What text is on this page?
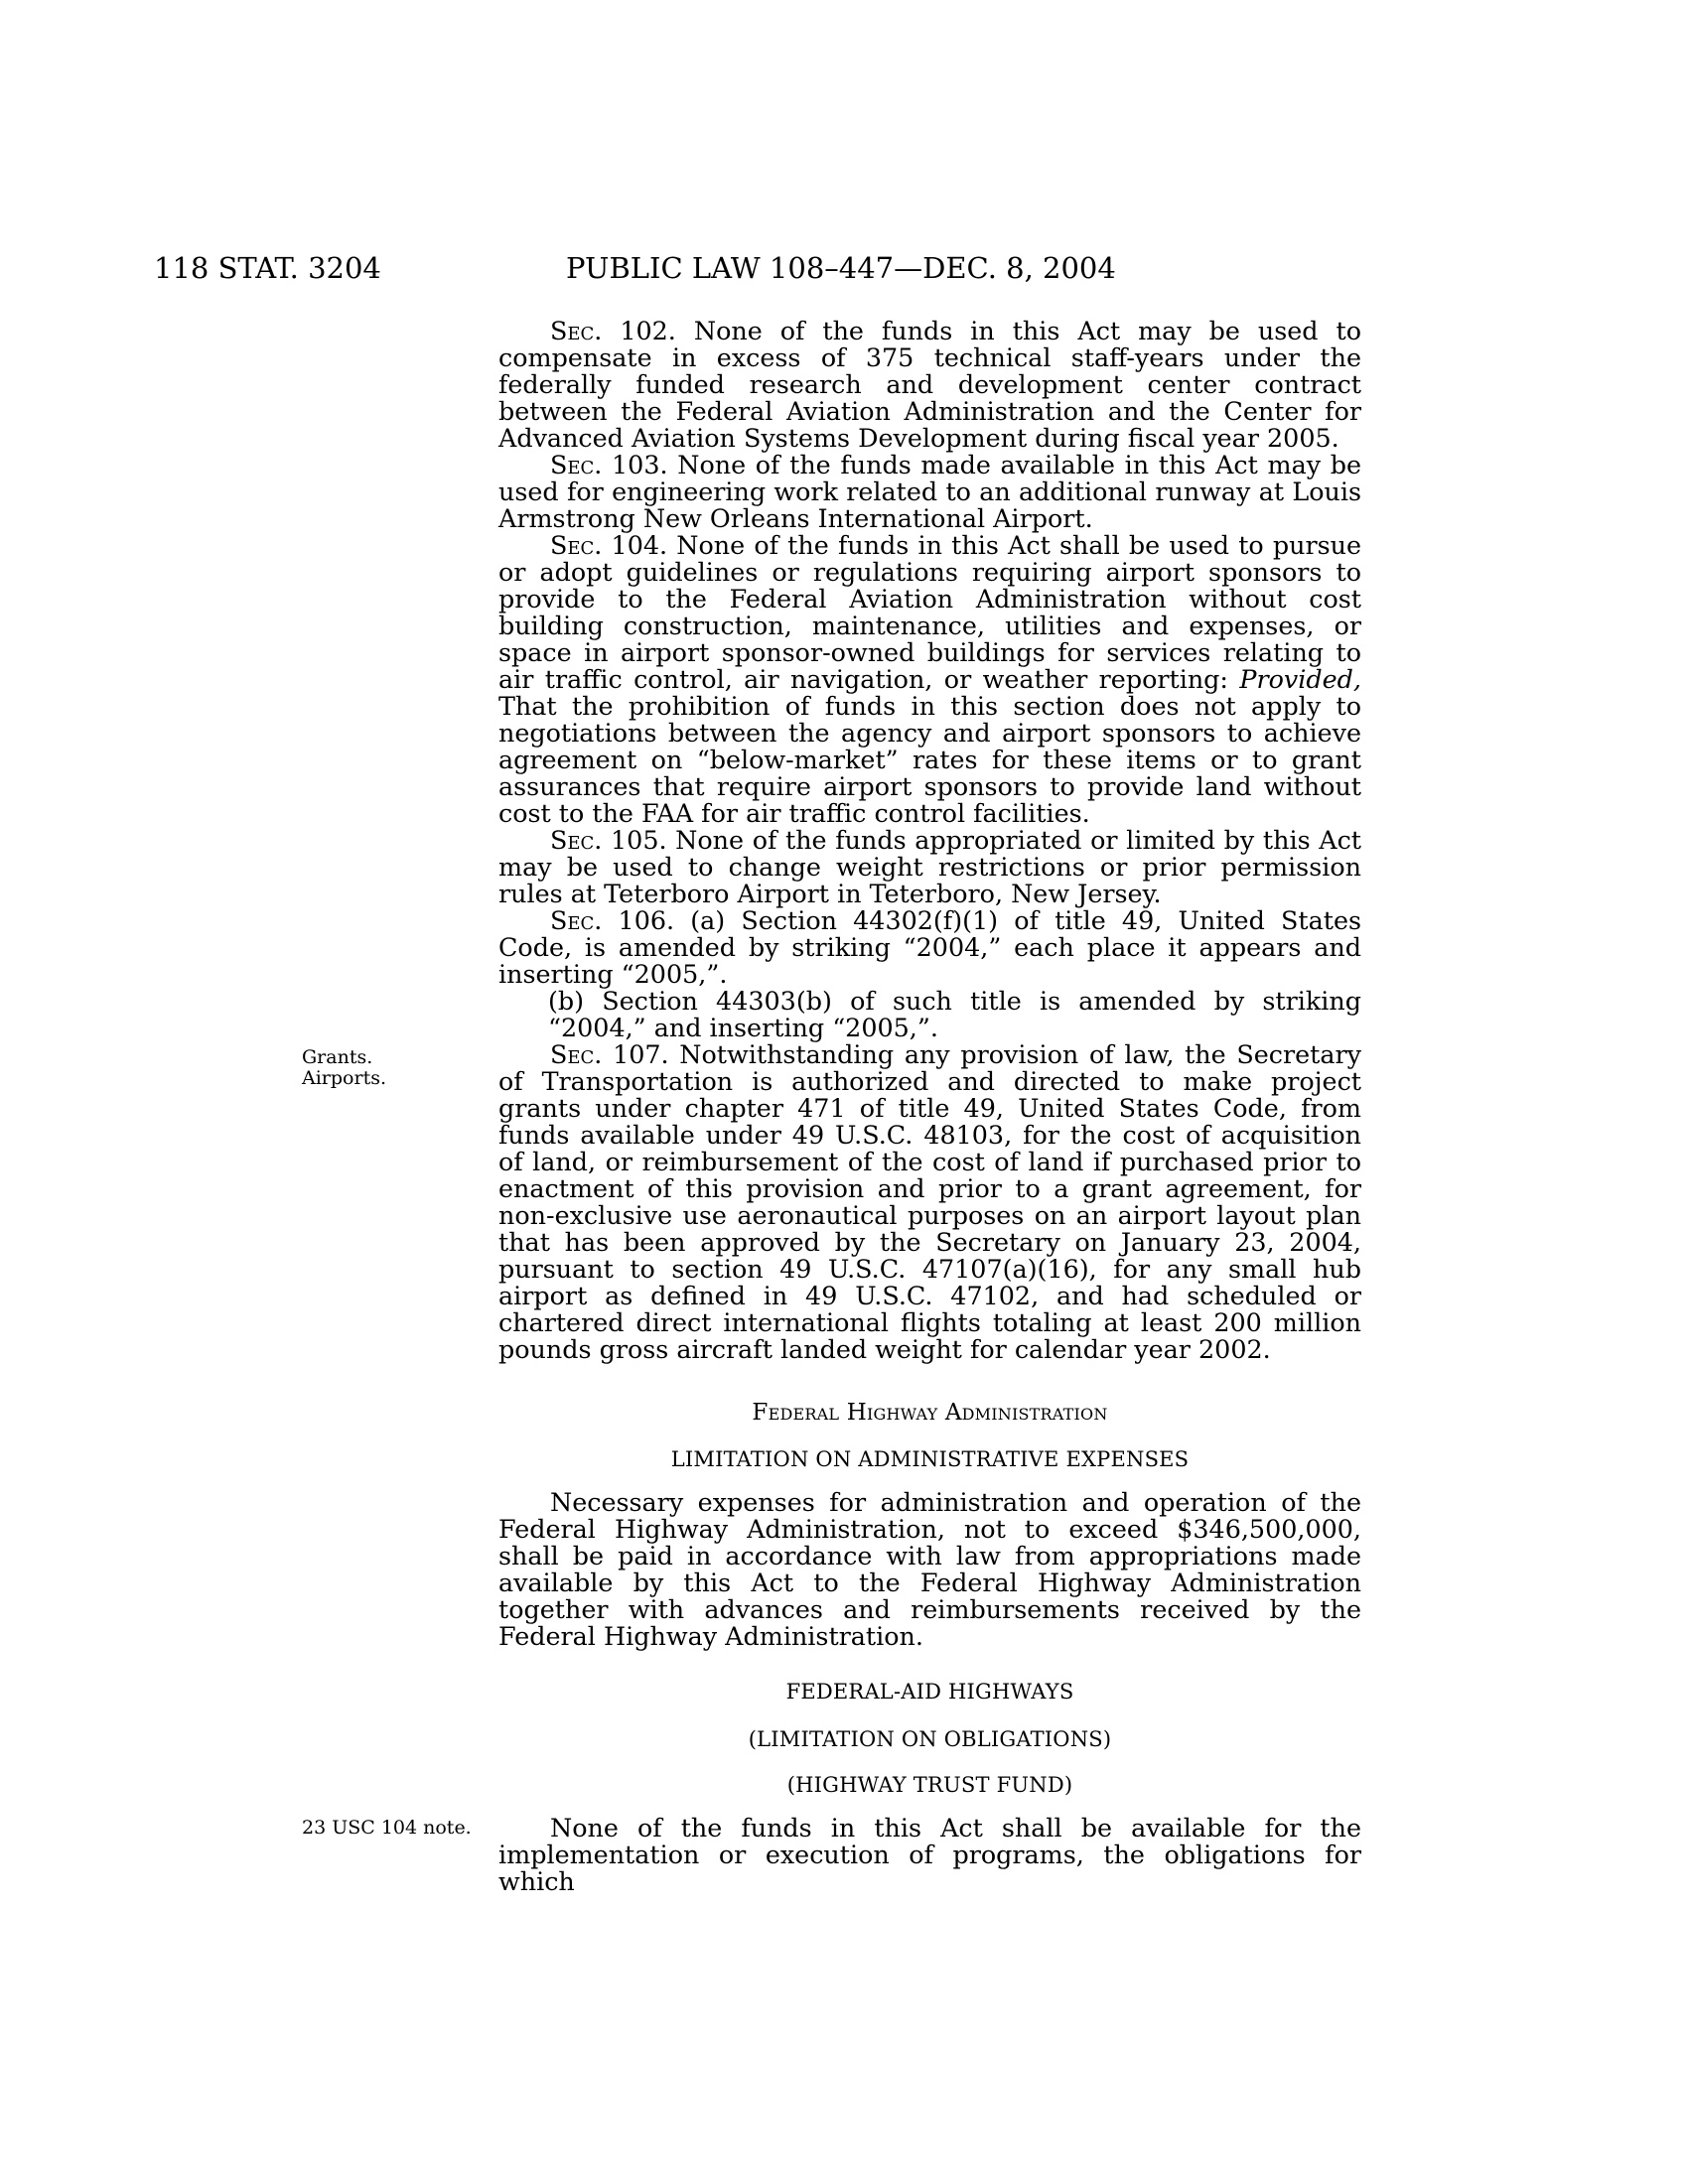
118 STAT. 3204	PUBLIC LAW 108–447—DEC. 8, 2004
Grants.
Airports.
23 USC 104 note.

Sec. 102. None of the funds in this Act may be used to compensate in excess of 375 technical staff-years under the federally funded research and development center contract between the Federal Aviation Administration and the Center for Advanced Aviation Systems Development during fiscal year 2005.

Sec. 103. None of the funds made available in this Act may be used for engineering work related to an additional runway at Louis Armstrong New Orleans International Airport.

Sec. 104. None of the funds in this Act shall be used to pursue or adopt guidelines or regulations requiring airport sponsors to provide to the Federal Aviation Administration without cost building construction, maintenance, utilities and expenses, or space in airport sponsor-owned buildings for services relating to air traffic control, air navigation, or weather reporting: Provided, That the prohibition of funds in this section does not apply to negotiations between the agency and airport sponsors to achieve agreement on “below-market” rates for these items or to grant assurances that require airport sponsors to provide land without cost to the FAA for air traffic control facilities.

Sec. 105. None of the funds appropriated or limited by this Act may be used to change weight restrictions or prior permission rules at Teterboro Airport in Teterboro, New Jersey.

Sec. 106. (a) Section 44302(f)(1) of title 49, United States Code, is amended by striking “2004,” each place it appears and inserting “2005,”.

(b) Section 44303(b) of such title is amended by striking “2004,” and inserting “2005,”.

Sec. 107. Notwithstanding any provision of law, the Secretary of Transportation is authorized and directed to make project grants under chapter 471 of title 49, United States Code, from funds available under 49 U.S.C. 48103, for the cost of acquisition of land, or reimbursement of the cost of land if purchased prior to enactment of this provision and prior to a grant agreement, for non-exclusive use aeronautical purposes on an airport layout plan that has been approved by the Secretary on January 23, 2004, pursuant to section 49 U.S.C. 47107(a)(16), for any small hub airport as defined in 49 U.S.C. 47102, and had scheduled or chartered direct international flights totaling at least 200 million pounds gross aircraft landed weight for calendar year 2002.

Federal Highway Administration

LIMITATION ON ADMINISTRATIVE EXPENSES

Necessary expenses for administration and operation of the Federal Highway Administration, not to exceed $346,500,000, shall be paid in accordance with law from appropriations made available by this Act to the Federal Highway Administration together with advances and reimbursements received by the Federal Highway Administration.

FEDERAL-AID HIGHWAYS

(LIMITATION ON OBLIGATIONS)

(HIGHWAY TRUST FUND)

None of the funds in this Act shall be available for the implementation or execution of programs, the obligations for which
